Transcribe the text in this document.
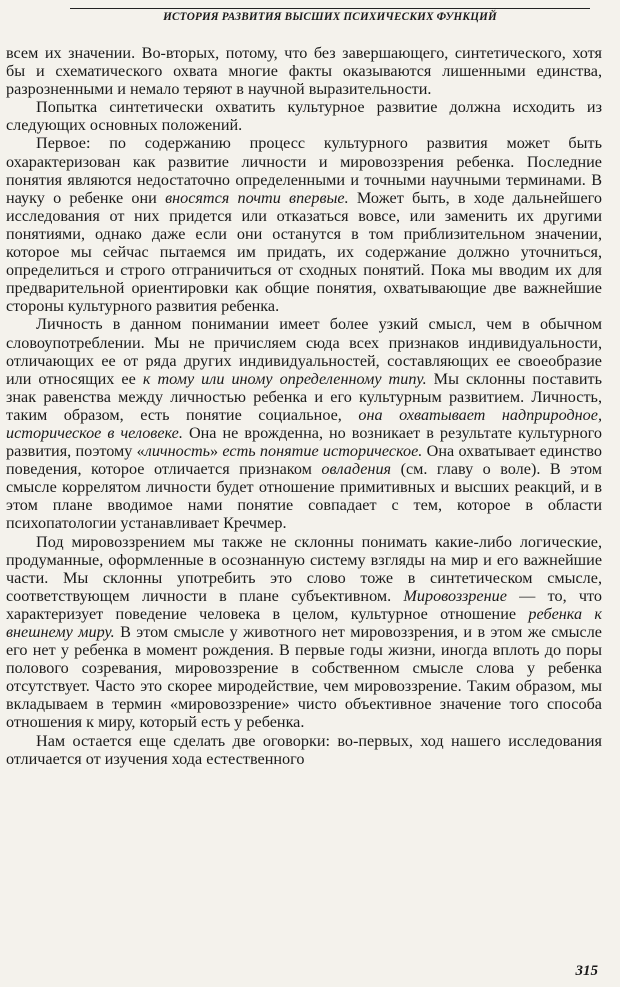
ИСТОРИЯ РАЗВИТИЯ ВЫСШИХ ПСИХИЧЕСКИХ ФУНКЦИЙ

всем их значении. Во-вторых, потому, что без завершающего, синтетического, хотя бы и схематического охвата многие факты оказываются лишенными единства, разрозненными и немало теряют в научной выразительности.

Попытка синтетически охватить культурное развитие должна исходить из следующих основных положений.

Первое: по содержанию процесс культурного развития может быть охарактеризован как развитие личности и мировоззрения ребенка. Последние понятия являются недостаточно определенными и точными научными терминами. В науку о ребенке они вносятся почти впервые. Может быть, в ходе дальнейшего исследования от них придется или отказаться вовсе, или заменить их другими понятиями, однако даже если они останутся в том приблизительном значении, которое мы сейчас пытаемся им придать, их содержание должно уточниться, определиться и строго отграничиться от сходных понятий. Пока мы вводим их для предварительной ориентировки как общие понятия, охватывающие две важнейшие стороны культурного развития ребенка.

Личность в данном понимании имеет более узкий смысл, чем в обычном словоупотреблении. Мы не причисляем сюда всех признаков индивидуальности, отличающих ее от ряда других индивидуальностей, составляющих ее своеобразие или относящих ее к тому или иному определенному типу. Мы склонны поставить знак равенства между личностью ребенка и его культурным развитием. Личность, таким образом, есть понятие социальное, она охватывает надприродное, историческое в человеке. Она не врожденна, но возникает в результате культурного развития, поэтому «личность» есть понятие историческое. Она охватывает единство поведения, которое отличается признаком овладения (см. главу о воле). В этом смысле коррелятом личности будет отношение примитивных и высших реакций, и в этом плане вводимое нами понятие совпадает с тем, которое в области психопатологии устанавливает Кречмер.

Под мировоззрением мы также не склонны понимать какие-либо логические, продуманные, оформленные в осознанную систему взгляды на мир и его важнейшие части. Мы склонны употребить это слово тоже в синтетическом смысле, соответствующем личности в плане субъективном. Мировоззрение — то, что характеризует поведение человека в целом, культурное отношение ребенка к внешнему миру. В этом смысле у животного нет мировоззрения, и в этом же смысле его нет у ребенка в момент рождения. В первые годы жизни, иногда вплоть до поры полового созревания, мировоззрение в собственном смысле слова у ребенка отсутствует. Часто это скорее миродействие, чем мировоззрение. Таким образом, мы вкладываем в термин «мировоззрение» чисто объективное значение того способа отношения к миру, который есть у ребенка.

Нам остается еще сделать две оговорки: во-первых, ход нашего исследования отличается от изучения хода естественного

315
